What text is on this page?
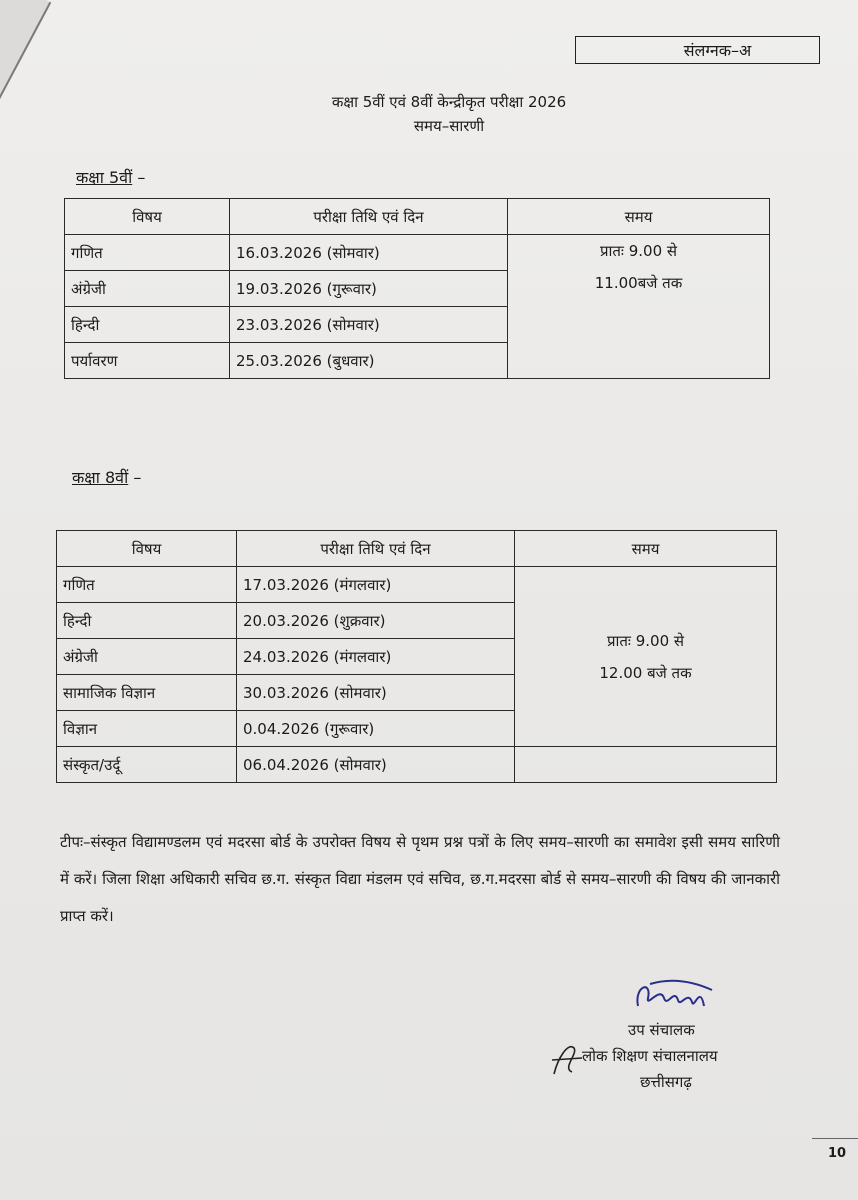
संलग्नक–अ
कक्षा 5वीं एवं 8वीं केन्द्रीकृत परीक्षा 2026
समय–सारणी
कक्षा 5वीं –
विषय	परीक्षा तिथि एवं दिन	समय
गणित	16.03.2026 (सोमवार)	प्रातः 9.00 से
11.00बजे तक

अंग्रेजी	19.03.2026 (गुरूवार)	
हिन्दी	23.03.2026 (सोमवार)	
पर्यावरण	25.03.2026 (बुधवार)	
कक्षा 8वीं –
विषय	परीक्षा तिथि एवं दिन	समय
गणित	17.03.2026 (मंगलवार)	प्रातः 9.00 से
12.00 बजे तक

हिन्दी	20.03.2026 (शुक्रवार)	
अंग्रेजी	24.03.2026 (मंगलवार)	
सामाजिक विज्ञान	30.03.2026 (सोमवार)	
विज्ञान	0.04.2026 (गुरूवार)	
संस्कृत/उर्दू	06.04.2026 (सोमवार)	
टीपः–संस्कृत विद्यामण्डलम एवं मदरसा बोर्ड के उपरोक्त विषय से पृथम प्रश्न पत्रों के लिए समय–सारणी का समावेश इसी समय सारिणी में करें। जिला शिक्षा अधिकारी सचिव छ.ग. संस्कृत विद्या मंडलम एवं सचिव, छ.ग.मदरसा बोर्ड से समय–सारणी की विषय की जानकारी प्राप्त करें।
उप संचालक
लोक शिक्षण संचालनालय
छत्तीसगढ़
10
